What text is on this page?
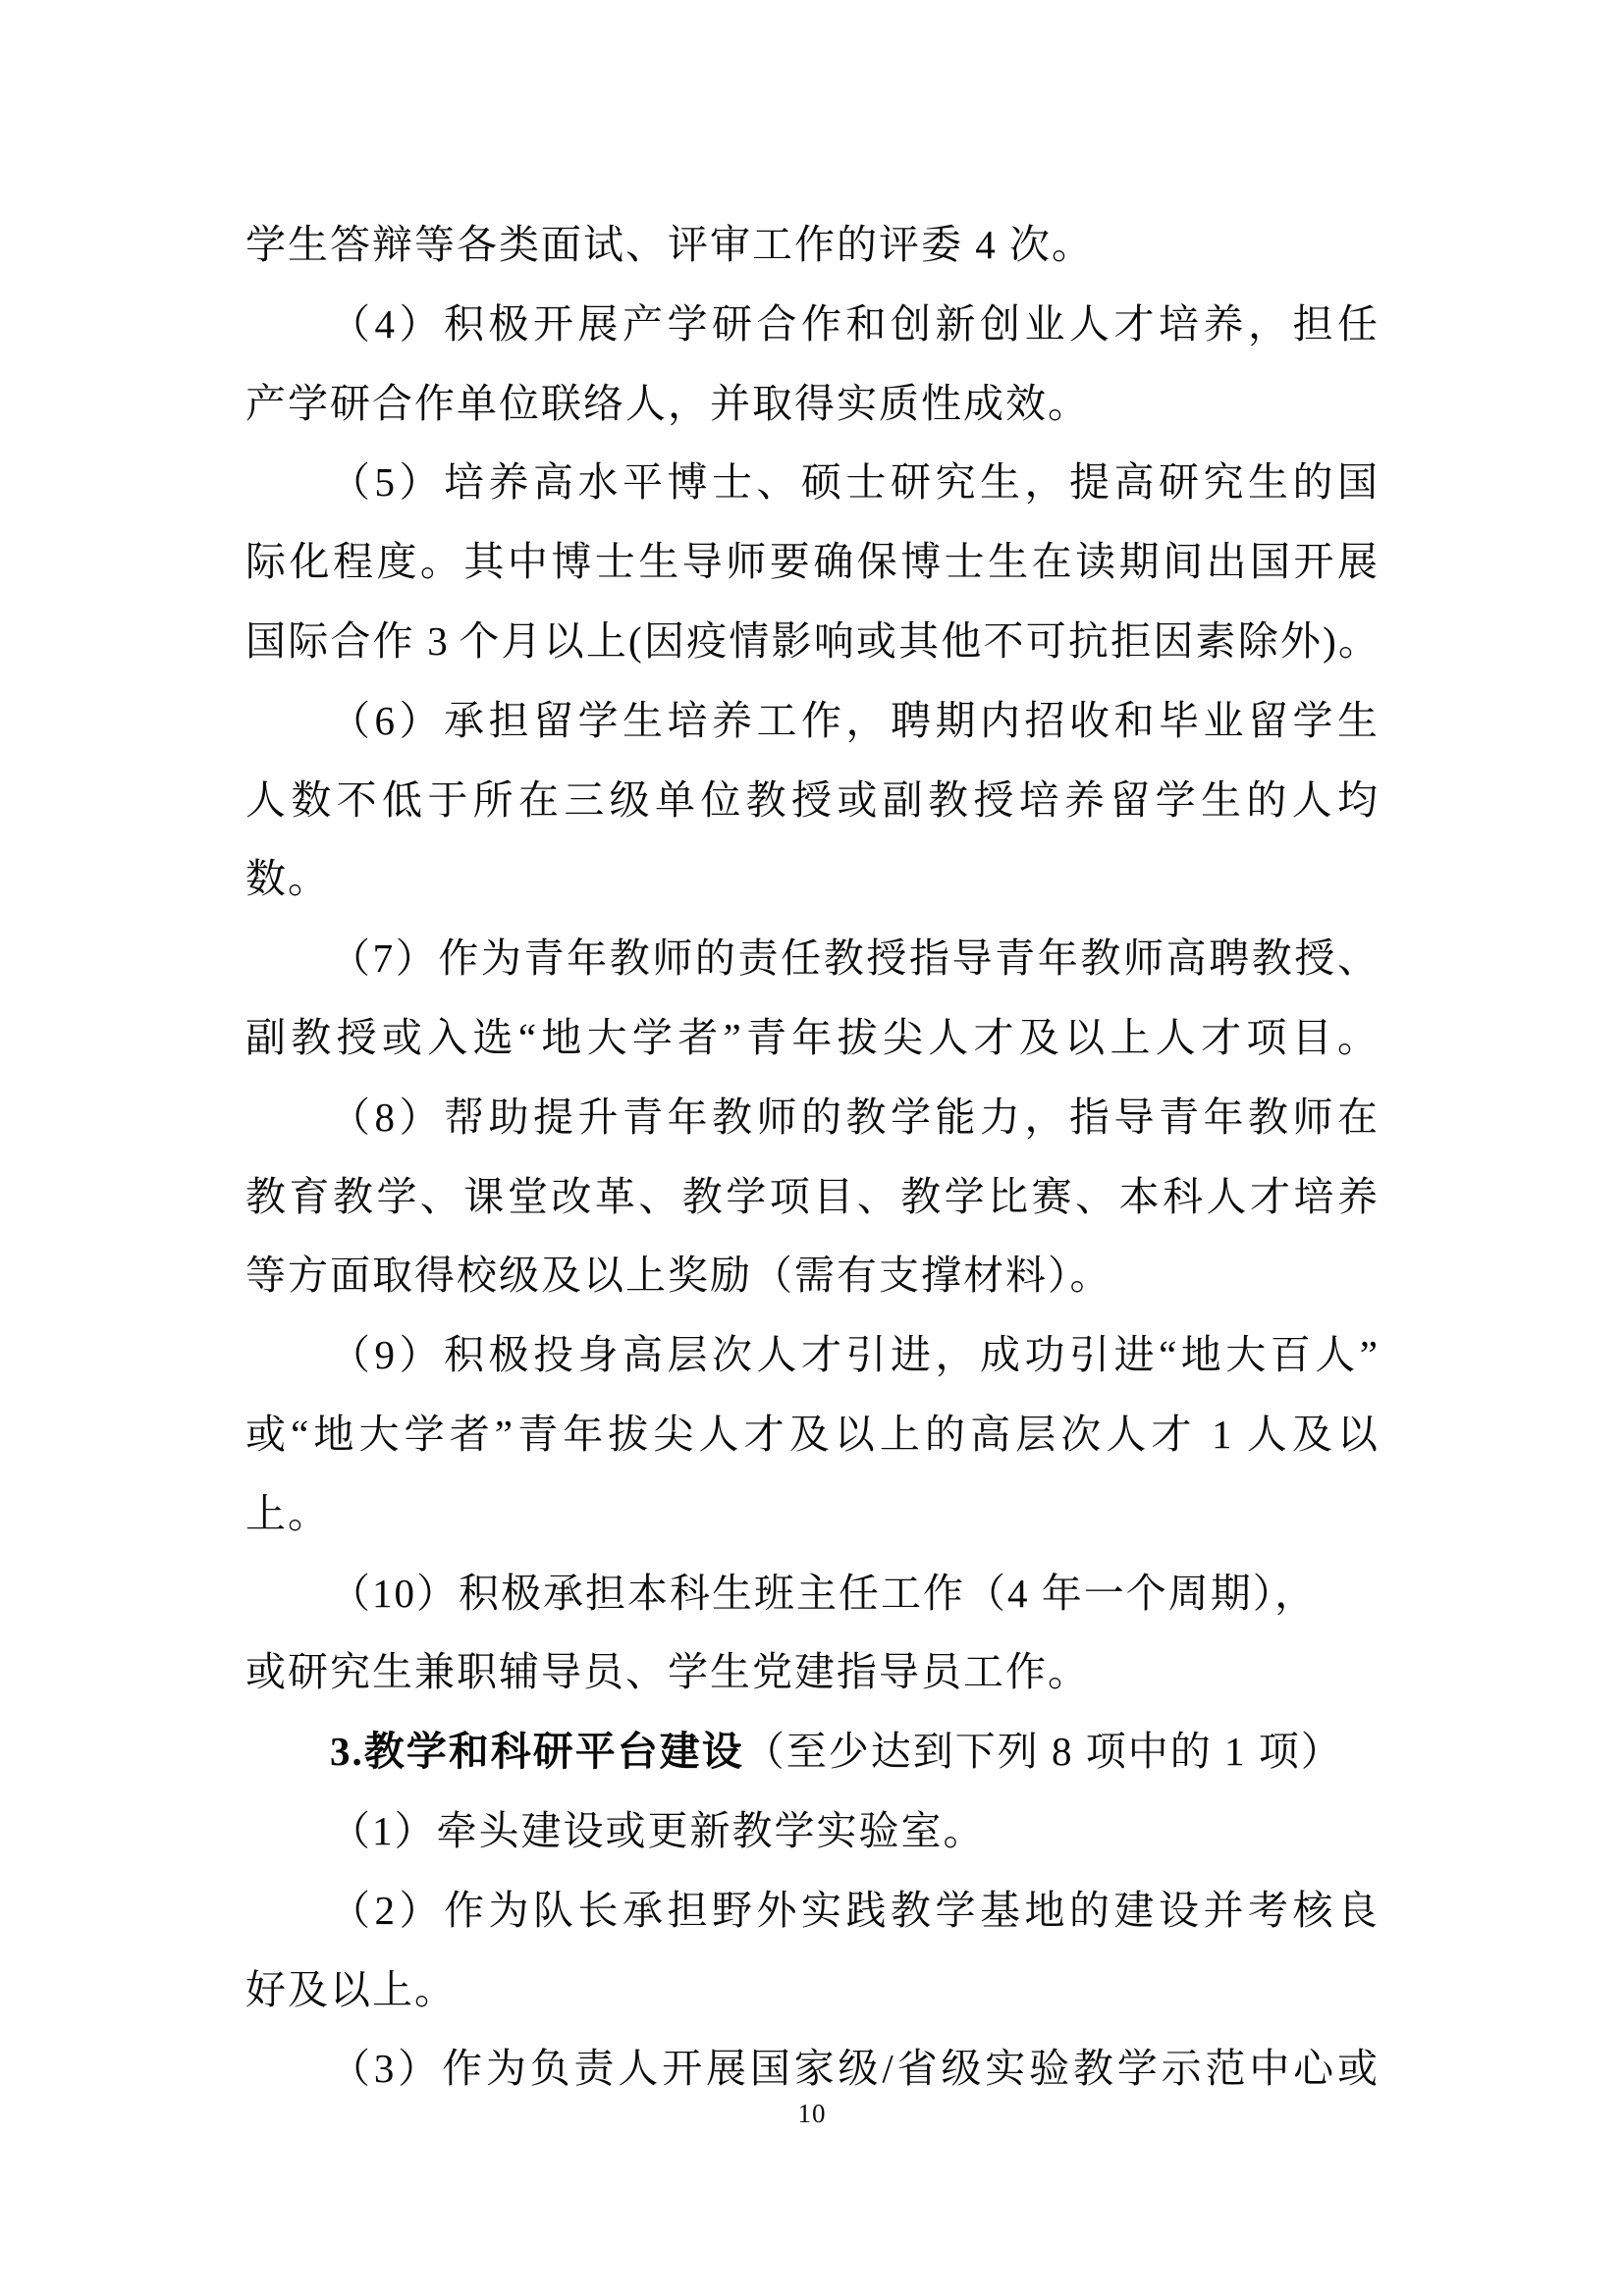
学生答辩等各类面试、评审工作的评委 4 次。
（4）积极开展产学研合作和创新创业人才培养，担任
产学研合作单位联络人，并取得实质性成效。
（5）培养高水平博士、硕士研究生，提高研究生的国
际化程度。其中博士生导师要确保博士生在读期间出国开展
国际合作 3 个月以上(因疫情影响或其他不可抗拒因素除外)。
（6）承担留学生培养工作，聘期内招收和毕业留学生
人数不低于所在三级单位教授或副教授培养留学生的人均
数。
（7）作为青年教师的责任教授指导青年教师高聘教授、
副教授或入选“地大学者”青年拔尖人才及以上人才项目。
（8）帮助提升青年教师的教学能力，指导青年教师在
教育教学、课堂改革、教学项目、教学比赛、本科人才培养
等方面取得校级及以上奖励（需有支撑材料）。
（9）积极投身高层次人才引进，成功引进“地大百人”
或“地大学者”青年拔尖人才及以上的高层次人才 1 人及以
上。
（10）积极承担本科生班主任工作（4 年一个周期），
或研究生兼职辅导员、学生党建指导员工作。
3.教学和科研平台建设（至少达到下列 8 项中的 1 项）
（1）牵头建设或更新教学实验室。
（2）作为队长承担野外实践教学基地的建设并考核良
好及以上。
（3）作为负责人开展国家级/省级实验教学示范中心或
10
